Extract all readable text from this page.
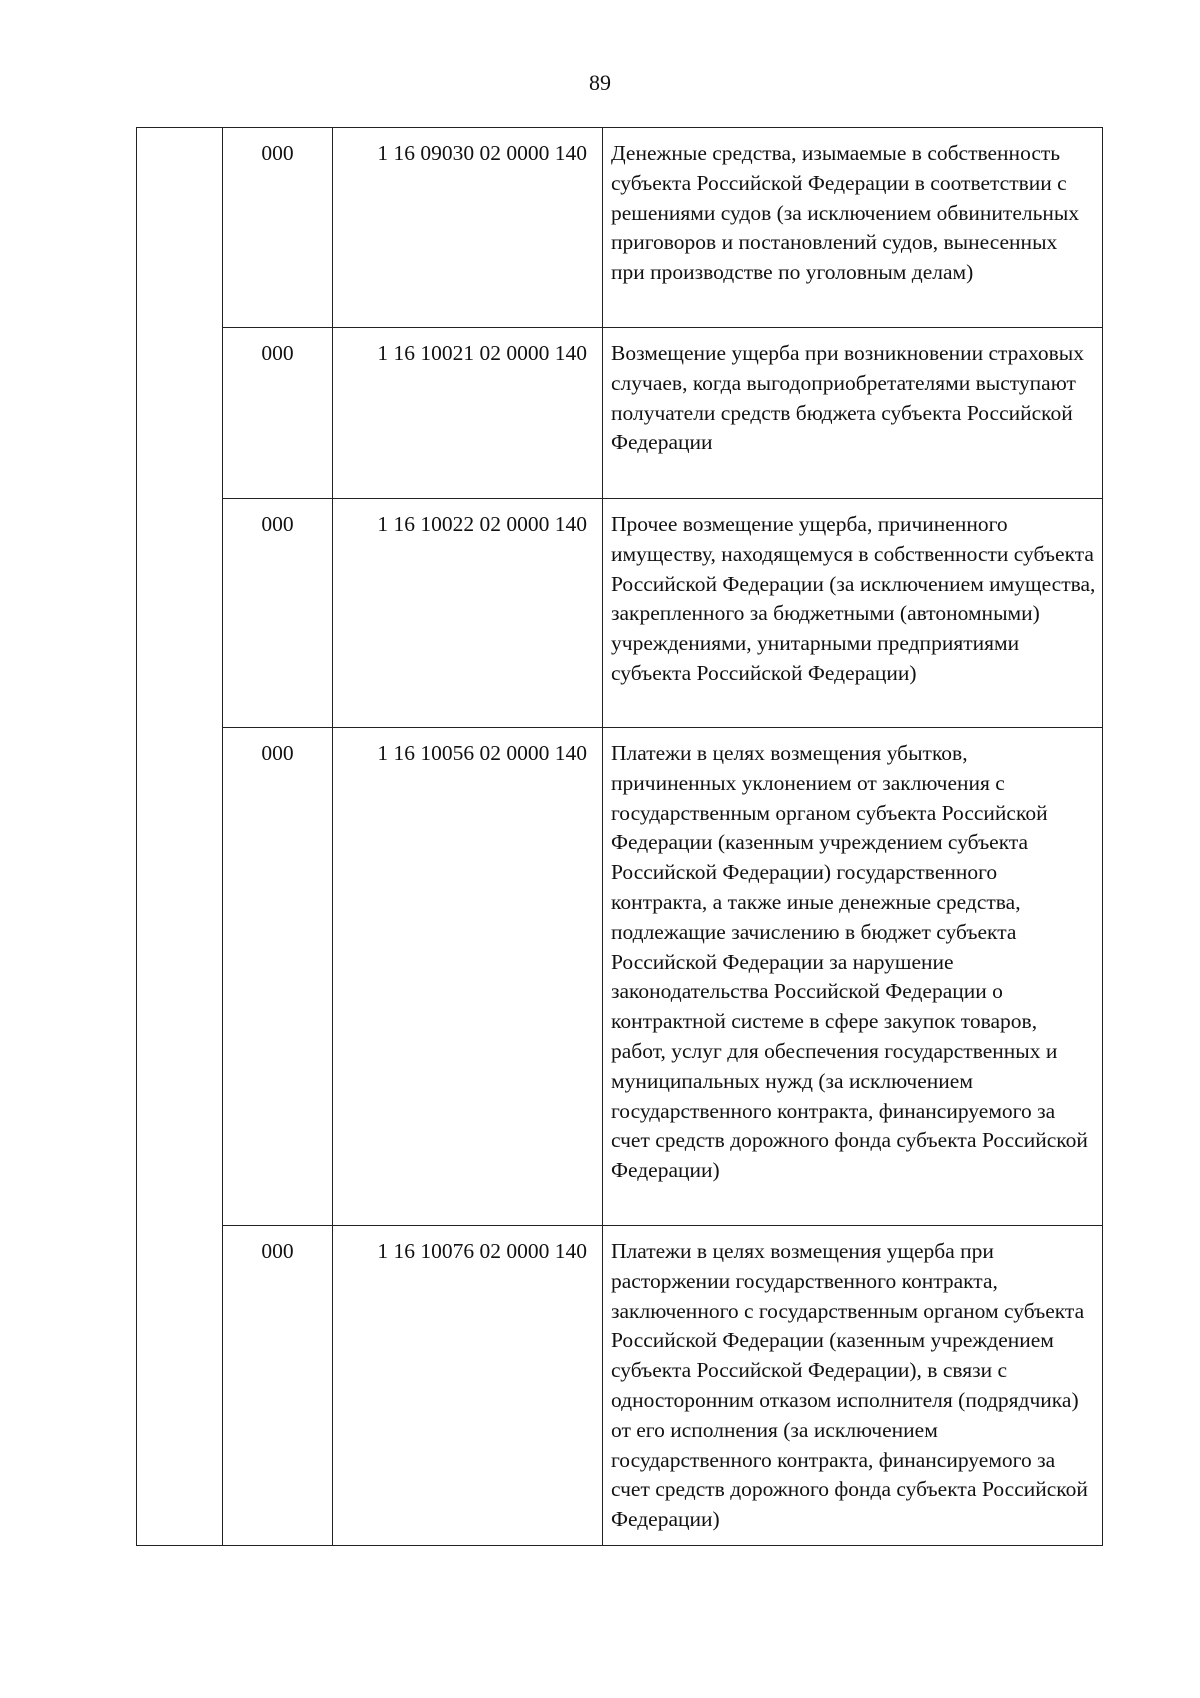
89
	000	1 16 09030 02 0000 140	Денежные средства, изымаемые в собственность субъекта Российской Федерации в соответствии с решениями судов (за исключением обвинительных приговоров и постановлений судов, вынесенных при производстве по уголовным делам)
	000	1 16 10021 02 0000 140	Возмещение ущерба при возникновении страховых случаев, когда выгодоприобретателями выступают получатели средств бюджета субъекта Российской Федерации
	000	1 16 10022 02 0000 140	Прочее возмещение ущерба, причиненного имуществу, находящемуся в собственности субъекта Российской Федерации (за исключением имущества, закрепленного за бюджетными (автономными) учреждениями, унитарными предприятиями субъекта Российской Федерации)
	000	1 16 10056 02 0000 140	Платежи в целях возмещения убытков, причиненных уклонением от заключения с государственным органом субъекта Российской Федерации (казенным учреждением субъекта Российской Федерации) государственного контракта, а также иные денежные средства, подлежащие зачислению в бюджет субъекта Российской Федерации за нарушение законодательства Российской Федерации о контрактной системе в сфере закупок товаров, работ, услуг для обеспечения государственных и муниципальных нужд (за исключением государственного контракта, финансируемого за счет средств дорожного фонда субъекта Российской Федерации)
	000	1 16 10076 02 0000 140	Платежи в целях возмещения ущерба при расторжении государственного контракта, заключенного с государственным органом субъекта Российской Федерации (казенным учреждением субъекта Российской Федерации), в связи с односторонним отказом исполнителя (подрядчика) от его исполнения (за исключением государственного контракта, финансируемого за счет средств дорожного фонда субъекта Российской Федерации)
